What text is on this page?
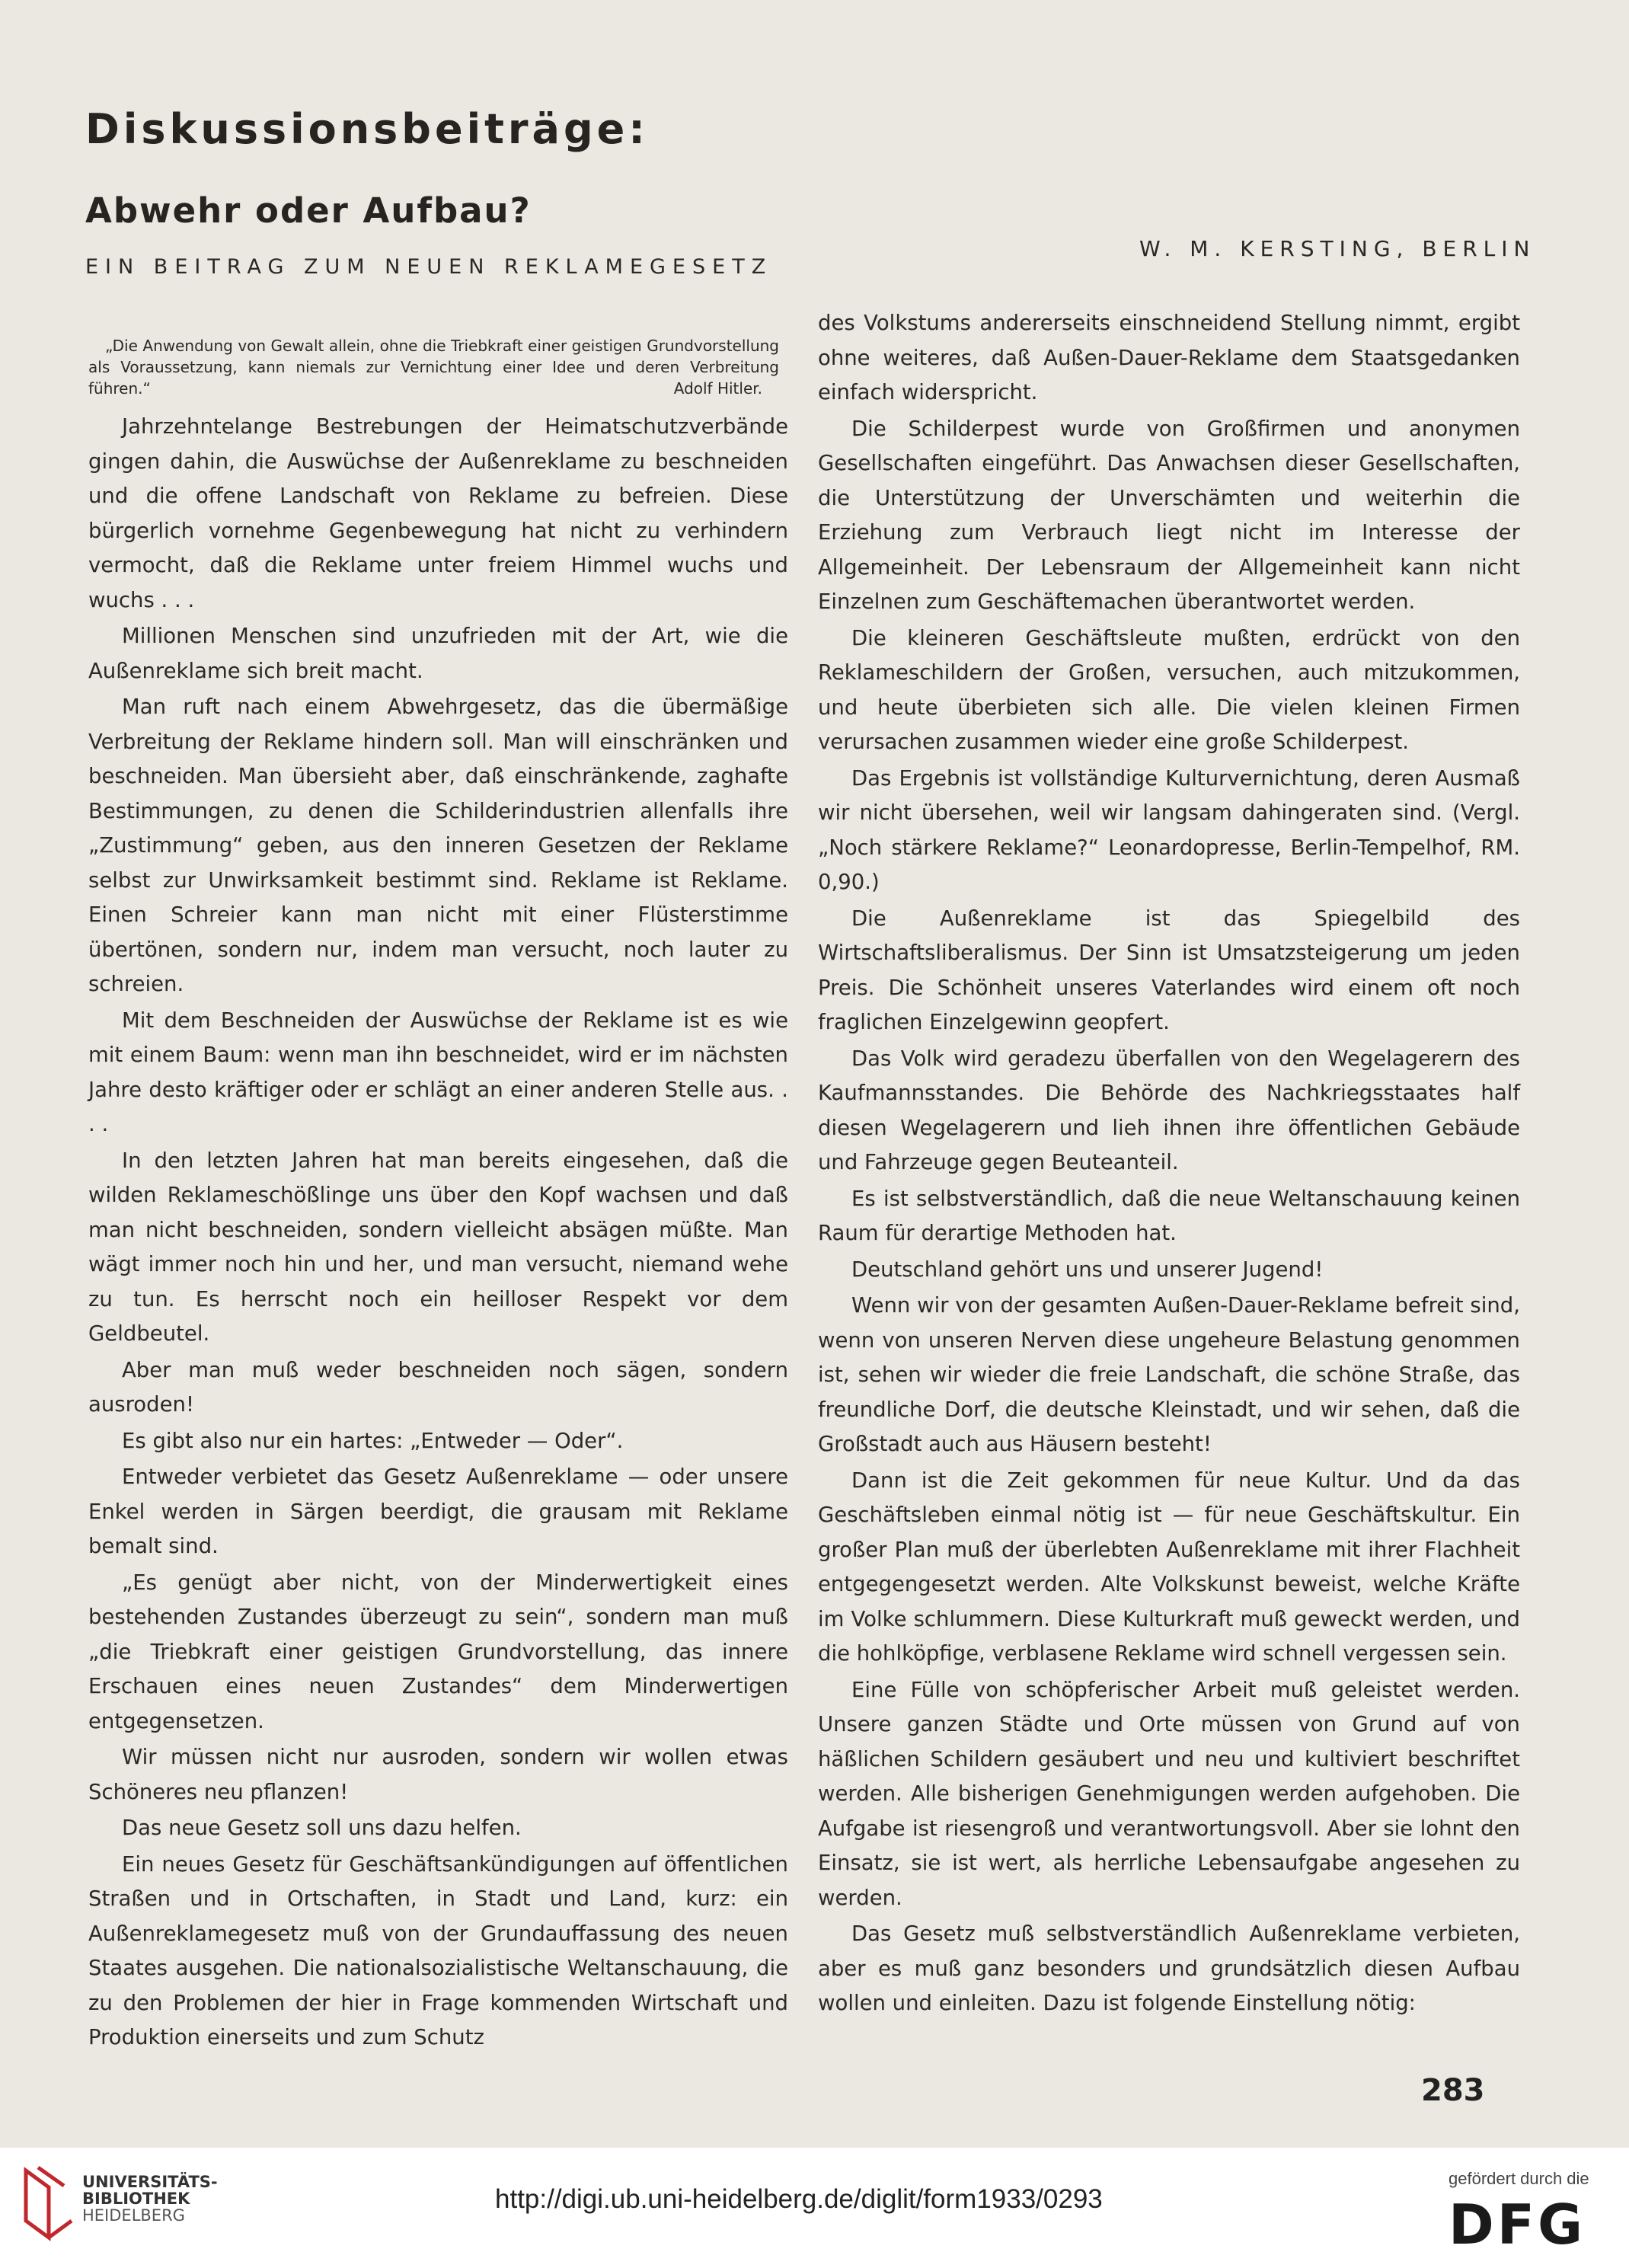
Diskussionsbeiträge:
Abwehr oder Aufbau?

EIN BEITRAG ZUM NEUEN REKLAMEGESETZ

W. M. KERSTING, BERLIN

„Die Anwendung von Gewalt allein, ohne die Triebkraft einer geistigen Grundvorstellung als Voraussetzung, kann niemals zur Vernichtung einer Idee und deren Verbreitung führen.“	Adolf Hitler.

Jahrzehntelange Bestrebungen der Heimatschutzverbände gingen dahin, die Auswüchse der Außenreklame zu beschneiden und die offene Landschaft von Reklame zu befreien. Diese bürgerlich vornehme Gegenbewegung hat nicht zu verhindern vermocht, daß die Reklame unter freiem Himmel wuchs und wuchs . . .

Millionen Menschen sind unzufrieden mit der Art, wie die Außenreklame sich breit macht.

Man ruft nach einem Abwehrgesetz, das die übermäßige Verbreitung der Reklame hindern soll. Man will einschränken und beschneiden. Man übersieht aber, daß einschränkende, zaghafte Bestimmungen, zu denen die Schilderindustrien allenfalls ihre „Zustimmung“ geben, aus den inneren Gesetzen der Reklame selbst zur Unwirksamkeit bestimmt sind. Reklame ist Reklame. Einen Schreier kann man nicht mit einer Flüsterstimme übertönen, sondern nur, indem man versucht, noch lauter zu schreien.

Mit dem Beschneiden der Auswüchse der Reklame ist es wie mit einem Baum: wenn man ihn beschneidet, wird er im nächsten Jahre desto kräftiger oder er schlägt an einer anderen Stelle aus. . . .

In den letzten Jahren hat man bereits eingesehen, daß die wilden Reklameschößlinge uns über den Kopf wachsen und daß man nicht beschneiden, sondern vielleicht absägen müßte. Man wägt immer noch hin und her, und man versucht, niemand wehe zu tun. Es herrscht noch ein heilloser Respekt vor dem Geldbeutel.

Aber man muß weder beschneiden noch sägen, sondern ausroden!

Es gibt also nur ein hartes: „Entweder — Oder“.

Entweder verbietet das Gesetz Außenreklame — oder unsere Enkel werden in Särgen beerdigt, die grausam mit Reklame bemalt sind.

„Es genügt aber nicht, von der Minderwertigkeit eines bestehenden Zustandes überzeugt zu sein“, sondern man muß „die Triebkraft einer geistigen Grundvorstellung, das innere Erschauen eines neuen Zustandes“ dem Minderwertigen entgegensetzen.

Wir müssen nicht nur ausroden, sondern wir wollen etwas Schöneres neu pflanzen!

Das neue Gesetz soll uns dazu helfen.

Ein neues Gesetz für Geschäftsankündigungen auf öffentlichen Straßen und in Ortschaften, in Stadt und Land, kurz: ein Außenreklamegesetz muß von der Grundauffassung des neuen Staates ausgehen. Die nationalsozialistische Weltanschauung, die zu den Problemen der hier in Frage kommenden Wirtschaft und Produktion einerseits und zum Schutz

des Volkstums andererseits einschneidend Stellung nimmt, ergibt ohne weiteres, daß Außen-Dauer-Reklame dem Staatsgedanken einfach widerspricht.

Die Schilderpest wurde von Großfirmen und anonymen Gesellschaften eingeführt. Das Anwachsen dieser Gesellschaften, die Unterstützung der Unverschämten und weiterhin die Erziehung zum Verbrauch liegt nicht im Interesse der Allgemeinheit. Der Lebensraum der Allgemeinheit kann nicht Einzelnen zum Geschäftemachen überantwortet werden.

Die kleineren Geschäftsleute mußten, erdrückt von den Reklameschildern der Großen, versuchen, auch mitzukommen, und heute überbieten sich alle. Die vielen kleinen Firmen verursachen zusammen wieder eine große Schilderpest.

Das Ergebnis ist vollständige Kulturvernichtung, deren Ausmaß wir nicht übersehen, weil wir langsam dahingeraten sind. (Vergl. „Noch stärkere Reklame?“ Leonardopresse, Berlin-Tempelhof, RM. 0,90.)

Die Außenreklame ist das Spiegelbild des Wirtschaftsliberalismus. Der Sinn ist Umsatzsteigerung um jeden Preis. Die Schönheit unseres Vaterlandes wird einem oft noch fraglichen Einzelgewinn geopfert.

Das Volk wird geradezu überfallen von den Wegelagerern des Kaufmannsstandes. Die Behörde des Nachkriegsstaates half diesen Wegelagerern und lieh ihnen ihre öffentlichen Gebäude und Fahrzeuge gegen Beuteanteil.

Es ist selbstverständlich, daß die neue Weltanschauung keinen Raum für derartige Methoden hat.

Deutschland gehört uns und unserer Jugend!

Wenn wir von der gesamten Außen-Dauer-Reklame befreit sind, wenn von unseren Nerven diese ungeheure Belastung genommen ist, sehen wir wieder die freie Landschaft, die schöne Straße, das freundliche Dorf, die deutsche Kleinstadt, und wir sehen, daß die Großstadt auch aus Häusern besteht!

Dann ist die Zeit gekommen für neue Kultur. Und da das Geschäftsleben einmal nötig ist — für neue Geschäftskultur. Ein großer Plan muß der überlebten Außenreklame mit ihrer Flachheit entgegengesetzt werden. Alte Volkskunst beweist, welche Kräfte im Volke schlummern. Diese Kulturkraft muß geweckt werden, und die hohlköpfige, verblasene Reklame wird schnell vergessen sein.

Eine Fülle von schöpferischer Arbeit muß geleistet werden. Unsere ganzen Städte und Orte müssen von Grund auf von häßlichen Schildern gesäubert und neu und kultiviert beschriftet werden. Alle bisherigen Genehmigungen werden aufgehoben. Die Aufgabe ist riesengroß und verantwortungsvoll. Aber sie lohnt den Einsatz, sie ist wert, als herrliche Lebensaufgabe angesehen zu werden.

Das Gesetz muß selbstverständlich Außenreklame verbieten, aber es muß ganz besonders und grundsätzlich diesen Aufbau wollen und einleiten. Dazu ist folgende Einstellung nötig:

283

UNIVERSITÄTS-
BIBLIOTHEK
HEIDELBERG

http://digi.ub.uni-heidelberg.de/diglit/form1933/0293

gefördert durch die

DFG
